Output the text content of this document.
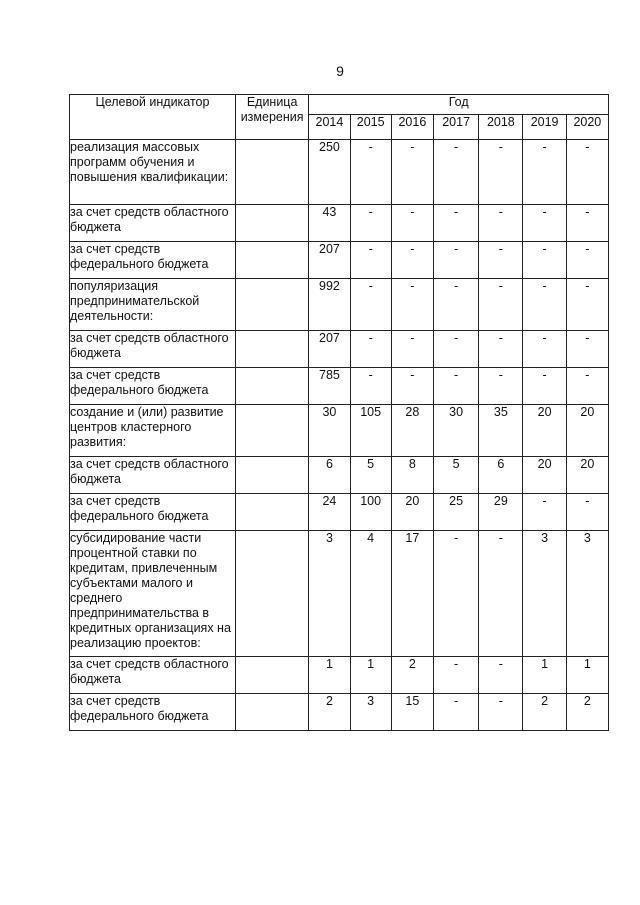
9
Целевой индикатор	Единица измерения	Год						
		2014	2015	2016	2017	2018	2019	2020
реализация массовых программ обучения и повышения квалификации:		250	-	-	-	-	-	-
за счет средств областного бюджета		43	-	-	-	-	-	-
за счет средств федерального бюджета		207	-	-	-	-	-	-
популяризация предпринимательской деятельности:		992	-	-	-	-	-	-
за счет средств областного бюджета		207	-	-	-	-	-	-
за счет средств федерального бюджета		785	-	-	-	-	-	-
создание и (или) развитие центров кластерного развития:		30	105	28	30	35	20	20
за счет средств областного бюджета		6	5	8	5	6	20	20
за счет средств федерального бюджета		24	100	20	25	29	-	-
субсидирование части процентной ставки по кредитам, привлеченным субъектами малого и среднего предпринимательства в кредитных организациях на реализацию проектов:		3	4	17	-	-	3	3
за счет средств областного бюджета		1	1	2	-	-	1	1
за счет средств федерального бюджета		2	3	15	-	-	2	2
